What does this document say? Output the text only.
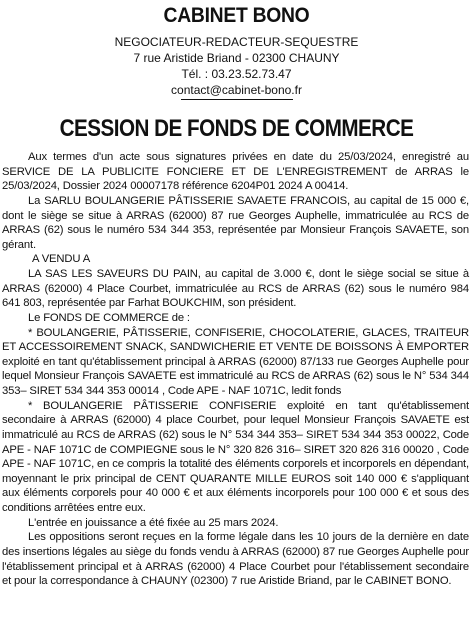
CABINET BONO
NEGOCIATEUR-REDACTEUR-SEQUESTRE
7 rue Aristide Briand - 02300 CHAUNY
Tél. : 03.23.52.73.47
contact@cabinet-bono.fr
CESSION DE FONDS DE COMMERCE

Aux termes d'un acte sous signatures privées en date du 25/03/2024, enregistré au SERVICE DE LA PUBLICITE FONCIERE ET DE L'ENREGISTREMENT de ARRAS le 25/03/2024, Dossier 2024 00007178 référence 6204P01 2024 A 00414.

La SARLU BOULANGERIE PÂTISSERIE SAVAETE FRANCOIS, au capital de 15 000 €, dont le siège se situe à ARRAS (62000) 87 rue Georges Auphelle, immatriculée au RCS de ARRAS (62) sous le numéro 534 344 353, représentée par Monsieur François SAVAETE, son gérant.

A VENDU A

LA SAS LES SAVEURS DU PAIN, au capital de 3.000 €, dont le siège social se situe à ARRAS (62000) 4 Place Courbet, immatriculée au RCS de ARRAS (62) sous le numéro 984 641 803, représentée par Farhat BOUKCHIM, son président.

Le FONDS DE COMMERCE de :

* BOULANGERIE, PÂTISSERIE, CONFISERIE, CHOCOLATERIE, GLACES, TRAITEUR ET ACCESSOIREMENT SNACK, SANDWICHERIE ET VENTE DE BOISSONS À EMPORTER exploité en tant qu'établissement principal à ARRAS (62000) 87/133 rue Georges Auphelle pour lequel Monsieur François SAVAETE est immatriculé au RCS de ARRAS (62) sous le N° 534 344 353– SIRET 534 344 353 00014 , Code APE - NAF 1071C, ledit fonds

* BOULANGERIE PÂTISSERIE CONFISERIE exploité en tant qu'établissement secondaire à ARRAS (62000) 4 place Courbet, pour lequel Monsieur François SAVAETE est immatriculé au RCS de ARRAS (62) sous le N° 534 344 353– SIRET 534 344 353 00022, Code APE - NAF 1071C de COMPIEGNE sous le N° 320 826 316– SIRET 320 826 316 00020 , Code APE - NAF 1071C, en ce compris la totalité des éléments corporels et incorporels en dépendant, moyennant le prix principal de CENT QUARANTE MILLE EUROS soit 140 000 € s'appliquant aux éléments corporels pour 40 000 € et aux éléments incorporels pour 100 000 € et sous des conditions arrêtées entre eux.

L'entrée en jouissance a été fixée au 25 mars 2024.

Les oppositions seront reçues en la forme légale dans les 10 jours de la dernière en date des insertions légales au siège du fonds vendu à ARRAS (62000) 87 rue Georges Auphelle pour l'établissement principal et à ARRAS (62000) 4 Place Courbet pour l'établissement secondaire et pour la correspondance à CHAUNY (02300) 7 rue Aristide Briand, par le CABINET BONO.
